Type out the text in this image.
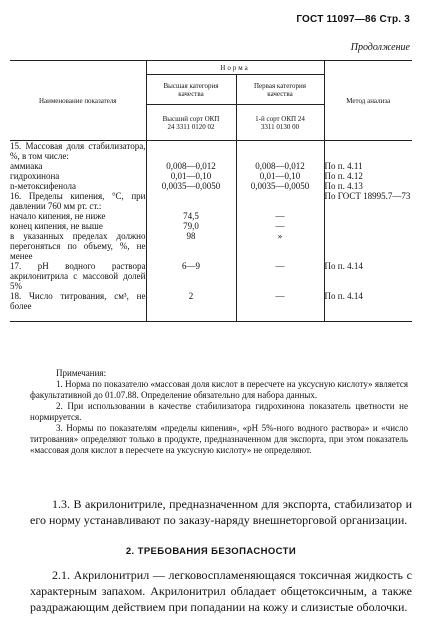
ГОСТ 11097—86 Стр. 3
Продолжение
Наименование показателя	Норма		Метод анализа
	Высшая категория качества	Первая категория качества	
	Высший сорт ОКП 24 3311 0120 02	1-й сорт ОКП 24 3311 0130 00	
15. Массовая доля стабилизатора, %, в том числе:			
аммиака	0,008—0,012	0,008—0,012	По п. 4.11
гидрохинона	0,01—0,10	0,01—0,10	По п. 4.12
n-метоксифенола	0,0035—0,0050	0,0035—0,0050	По п. 4.13
16. Пределы кипения, °С, при давлении 760 мм рт. ст.:			По ГОСТ 18995.7—73
начало кипения, не ниже	74,5	—	
конец кипения, не выше	79,0	—	
в указанных пределах должно перегоняться по объему, %, не менее	98	»	
17. рН водного раствора акрилонитрила с массовой долей 5%	6—9	—	По п. 4.14
18. Число титрования, см³, не более	2	—	По п. 4.14

Примечания:

1. Норма по показателю «массовая доля кислот в пересчете на уксусную кислоту» является факультативной до 01.07.88. Определение обязательно для набора данных.

2. При использовании в качестве стабилизатора гидрохинона показатель цветности не нормируется.

3. Нормы по показателям «пределы кипения», «рН 5%-ного водного раствора» и «число титрования» определяют только в продукте, предназначенном для экспорта, при этом показатель «массовая доля кислот в пересчете на уксусную кислоту» не определяют.

1.3. В акрилонитриле, предназначенном для экспорта, стабилизатор и его норму устанавливают по заказу-наряду внешнеторговой организации.

2. ТРЕБОВАНИЯ БЕЗОПАСНОСТИ

2.1. Акрилонитрил — легковоспламеняющаяся токсичная жидкость с характерным запахом. Акрилонитрил обладает общетоксичным, а также раздражающим действием при попадании на кожу и слизистые оболочки.
